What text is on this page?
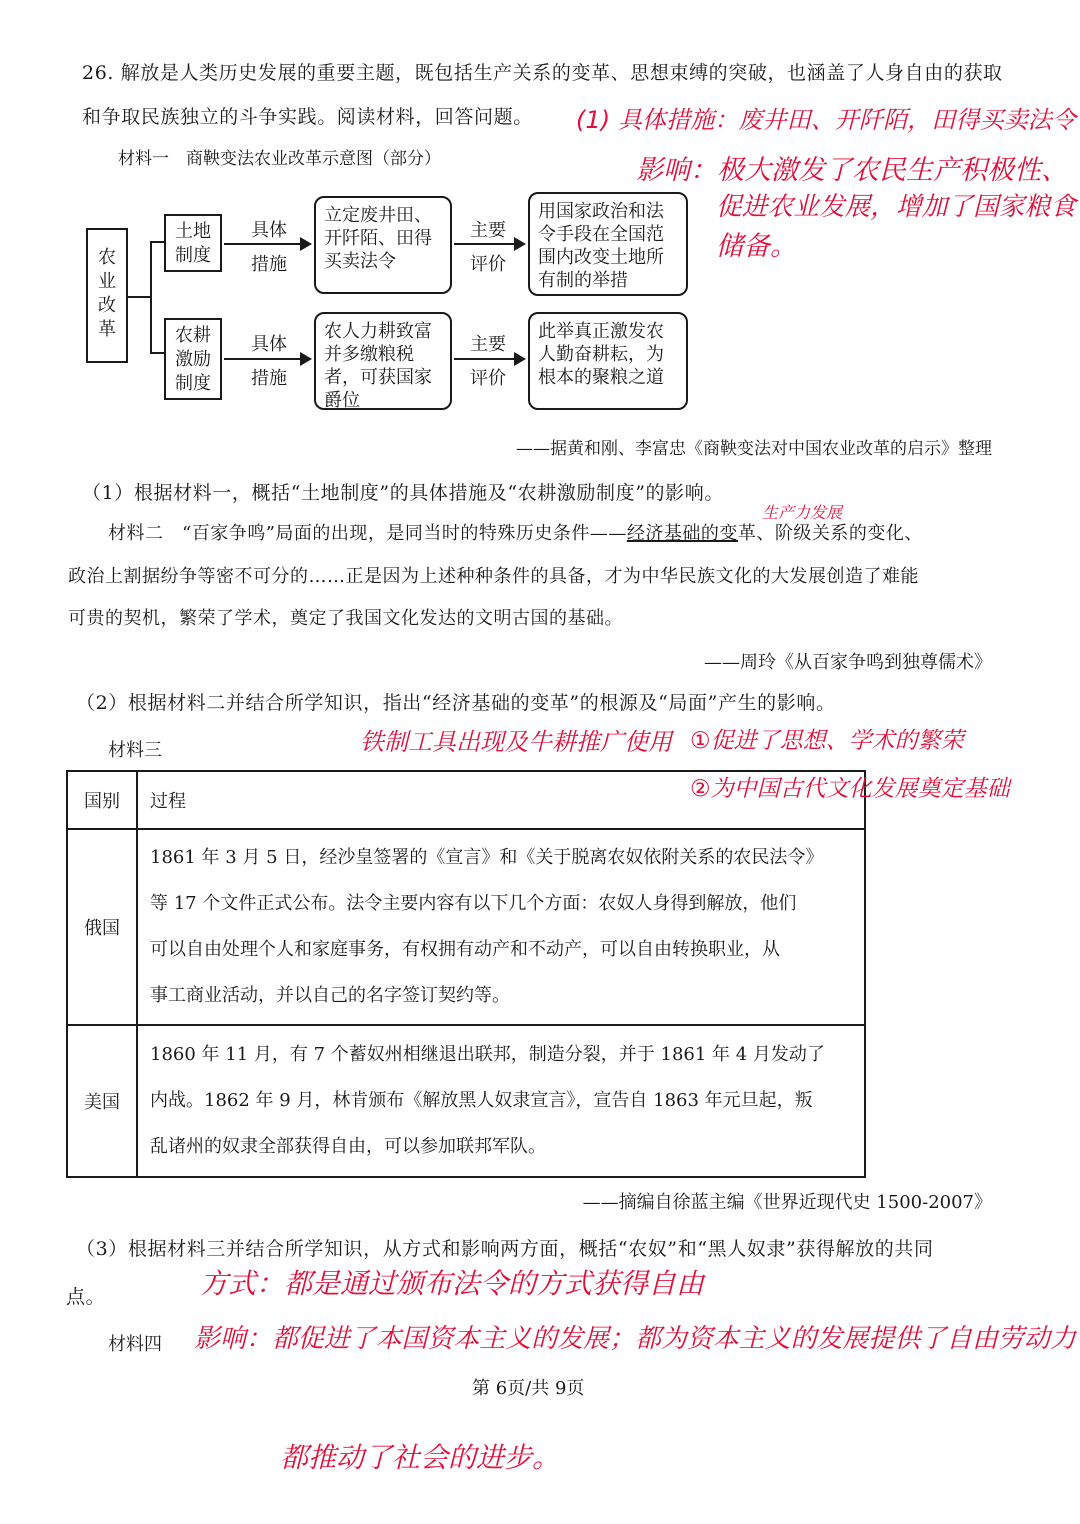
26. 解放是人类历史发展的重要主题，既包括生产关系的变革、思想束缚的突破，也涵盖了人身自由的获取
和争取民族独立的斗争实践。阅读材料，回答问题。
材料一　商鞅变法农业改革示意图（部分）
农业改革
土地制度
具体措施
立定废井田、开阡陌、田得买卖法令
主要评价
用国家政治和法令手段在全国范围内改变土地所有制的举措
农耕激励制度
具体措施
农人力耕致富并多缴粮税者，可获国家爵位
主要评价
此举真正激发农人勤奋耕耘，为根本的聚粮之道
——据黄和刚、李富忠《商鞅变法对中国农业改革的启示》整理
（1）根据材料一，概括“土地制度”的具体措施及“农耕激励制度”的影响。
材料二　“百家争鸣”局面的出现，是同当时的特殊历史条件——经济基础的变革、阶级关系的变化、
政治上割据纷争等密不可分的……正是因为上述种种条件的具备，才为中华民族文化的大发展创造了难能
可贵的契机，繁荣了学术，奠定了我国文化发达的文明古国的基础。
——周玲《从百家争鸣到独尊儒术》
（2）根据材料二并结合所学知识，指出“经济基础的变革”的根源及“局面”产生的影响。
材料三
国别	过程
俄国	1861 年 3 月 5 日，经沙皇签署的《宣言》和《关于脱离农奴依附关系的农民法令》
等 17 个文件正式公布。法令主要内容有以下几个方面：农奴人身得到解放，他们
可以自由处理个人和家庭事务，有权拥有动产和不动产，可以自由转换职业，从
事工商业活动，并以自己的名字签订契约等。

美国	1860 年 11 月，有 7 个蓄奴州相继退出联邦，制造分裂，并于 1861 年 4 月发动了
内战。1862 年 9 月，林肯颁布《解放黑人奴隶宣言》，宣告自 1863 年元旦起，叛
乱诸州的奴隶全部获得自由，可以参加联邦军队。
——摘编自徐蓝主编《世界近现代史 1500-2007》
（3）根据材料三并结合所学知识，从方式和影响两方面，概括“农奴”和“黑人奴隶”获得解放的共同
点。
材料四
第 6页/共 9页
(1) 具体措施：废井田、开阡陌，田得买卖法令
影响：极大激发了农民生产积极性、
促进农业发展，增加了国家粮食
储备。
生产力发展
铁制工具出现及牛耕推广使用 ①促进了思想、学术的繁荣
②为中国古代文化发展奠定基础
方式：都是通过颁布法令的方式获得自由
影响：都促进了本国资本主义的发展；都为资本主义的发展提供了自由劳动力
都推动了社会的进步。
